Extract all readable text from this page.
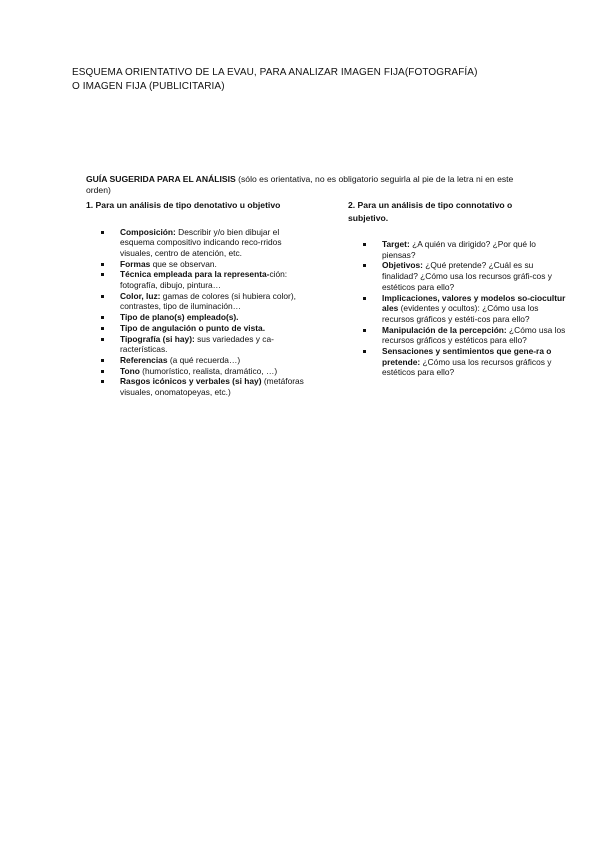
ESQUEMA ORIENTATIVO DE LA EVAU, PARA ANALIZAR IMAGEN FIJA(FOTOGRAFÍA)
O IMAGEN FIJA (PUBLICITARIA)
GUÍA SUGERIDA PARA EL ANÁLISIS (sólo es orientativa, no es obligatorio seguirla al pie de la letra ni en este orden)

1. Para un análisis de tipo denotativo u objetivo

Composición: Describir y/o bien dibujar el esquema compositivo indicando reco-rridos visuales, centro de atención, etc.
Formas que se observan.
Técnica empleada para la representa-ción: fotografía, dibujo, pintura…
Color, luz: gamas de colores (si hubiera color), contrastes, tipo de iluminación…
Tipo de plano(s) empleado(s).
Tipo de angulación o punto de vista.
Tipografía (si hay): sus variedades y ca-racterísticas.
Referencias (a qué recuerda…)
Tono (humorístico, realista, dramático, …)
Rasgos icónicos y verbales (si hay) (metáforas visuales, onomatopeyas, etc.)

2. Para un análisis de tipo connotativo o subjetivo.

Target: ¿A quién va dirigido? ¿Por qué lo piensas?
Objetivos: ¿Qué pretende? ¿Cuál es su finalidad? ¿Cómo usa los recursos gráfi-cos y estéticos para ello?
Implicaciones, valores y modelos so-ciocultur ales (evidentes y ocultos): ¿Cómo usa los recursos gráficos y estéti-cos para ello?
Manipulación de la percepción: ¿Cómo usa los recursos gráficos y estéticos para ello?
Sensaciones y sentimientos que gene-ra o pretende: ¿Cómo usa los recursos gráficos y estéticos para ello?
